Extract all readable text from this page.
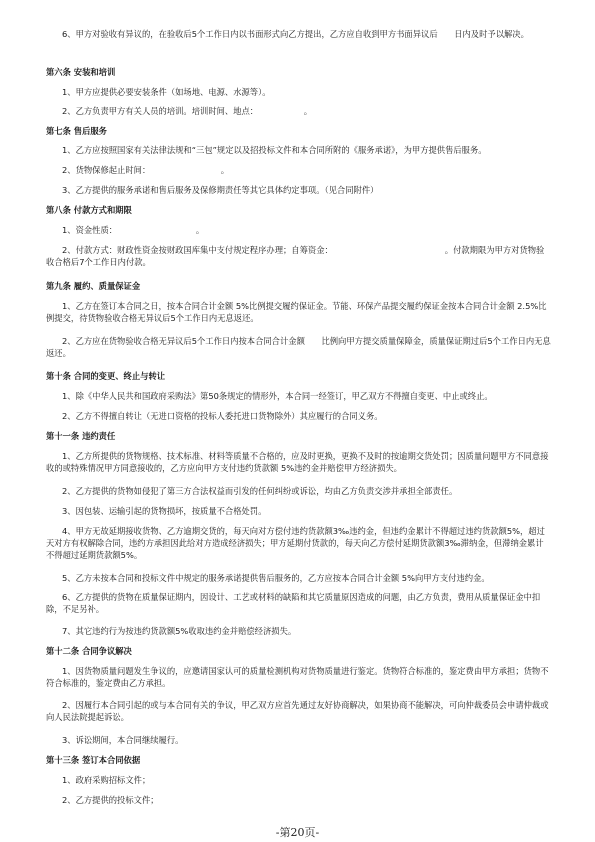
6、甲方对验收有异议的，在验收后5个工作日内以书面形式向乙方提出，乙方应自收到甲方书面异议后　　日内及时予以解决。

第六条 安装和培训

1、甲方应提供必要安装条件（如场地、电源、水源等）。

2、乙方负责甲方有关人员的培训。培训时间、地点：　　　　　　。

第七条 售后服务

1、乙方应按照国家有关法律法规和“三包”规定以及招投标文件和本合同所附的《服务承诺》，为甲方提供售后服务。

2、货物保修起止时间：　　　　　　　　　。

3、乙方提供的服务承诺和售后服务及保修期责任等其它具体约定事项。（见合同附件）

第八条 付款方式和期限

1、资金性质：　　　　　　　　　　。

2、付款方式：财政性资金按财政国库集中支付规定程序办理；自筹资金：　　　　　　　　　　　　　　。付款期限为甲方对货物验收合格后7个工作日内付款。

第九条 履约、质量保证金

1、乙方在签订本合同之日，按本合同合计金额 5%比例提交履约保证金。节能、环保产品提交履约保证金按本合同合计金额 2.5%比例提交，待货物验收合格无异议后5个工作日内无息返还。

2、乙方应在货物验收合格无异议后5个工作日内按本合同合计金额　　比例向甲方提交质量保障金，质量保证期过后5个工作日内无息返还。

第十条 合同的变更、终止与转让

1、除《中华人民共和国政府采购法》第50条规定的情形外，本合同一经签订，甲乙双方不得擅自变更、中止或终止。

2、乙方不得擅自转让（无进口资格的投标人委托进口货物除外）其应履行的合同义务。

第十一条 违约责任

1、乙方所提供的货物规格、技术标准、材料等质量不合格的，应及时更换，更换不及时的按逾期交货处罚；因质量问题甲方不同意接收的或特殊情况甲方同意接收的，乙方应向甲方支付违约货款额 5%违约金并赔偿甲方经济损失。

2、乙方提供的货物如侵犯了第三方合法权益而引发的任何纠纷或诉讼，均由乙方负责交涉并承担全部责任。

3、因包装、运输引起的货物损坏，按质量不合格处罚。

4、甲方无故延期接收货物、乙方逾期交货的，每天向对方偿付违约货款额3‰违约金，但违约金累计不得超过违约货款额5%，超过　　天对方有权解除合同，违约方承担因此给对方造成经济损失；甲方延期付货款的，每天向乙方偿付延期货款额3‰滞纳金，但滞纳金累计不得超过延期货款额5%。

5、乙方未按本合同和投标文件中规定的服务承诺提供售后服务的，乙方应按本合同合计金额 5%向甲方支付违约金。

6、乙方提供的货物在质量保证期内，因设计、工艺或材料的缺陷和其它质量原因造成的问题，由乙方负责，费用从质量保证金中扣除，不足另补。

7、其它违约行为按违约货款额5%收取违约金并赔偿经济损失。

第十二条 合同争议解决

1、因货物质量问题发生争议的，应邀请国家认可的质量检测机构对货物质量进行鉴定。货物符合标准的，鉴定费由甲方承担；货物不符合标准的，鉴定费由乙方承担。

2、因履行本合同引起的或与本合同有关的争议，甲乙双方应首先通过友好协商解决，如果协商不能解决，可向仲裁委员会申请仲裁或向人民法院提起诉讼。

3、诉讼期间，本合同继续履行。

第十三条 签订本合同依据

1、政府采购招标文件；

2、乙方提供的投标文件；

-第20页-
